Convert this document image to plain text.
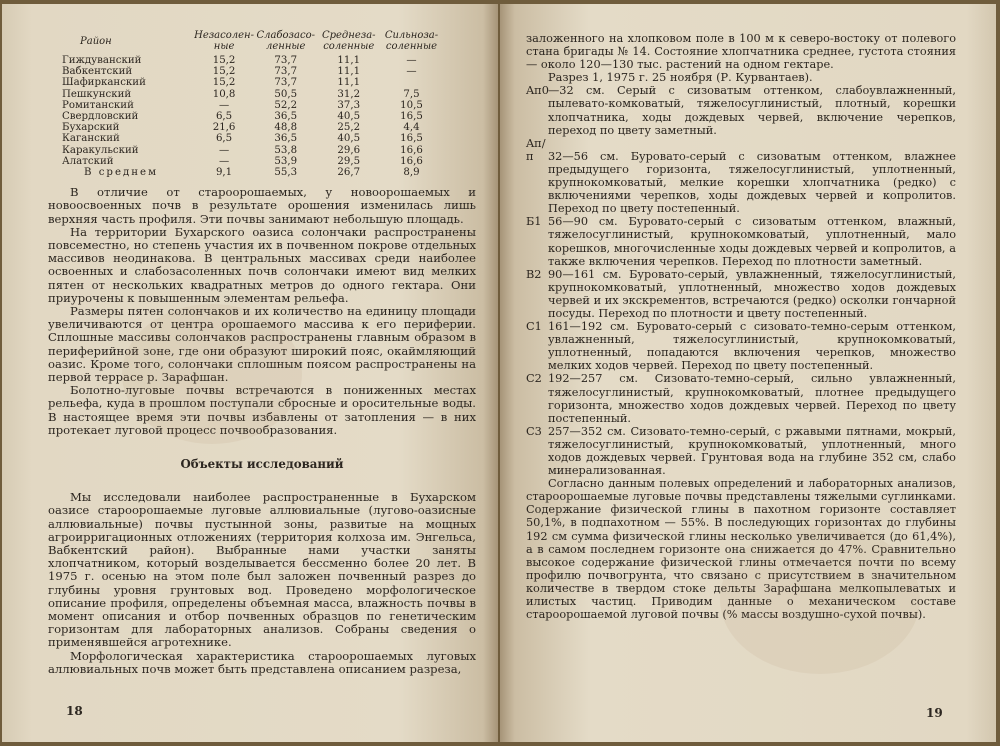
Район	Незасолен-ные	Слабозасо-ленные	Среднеза-соленные	Сильноза-соленные
Гиждуванский	15,2	73,7	11,1	—
Вабкентский	15,2	73,7	11,1	—
Шафирканский	15,2	73,7	11,1	
Пешкунский	10,8	50,5	31,2	7,5
Ромитанский	—	52,2	37,3	10,5
Свердловский	6,5	36,5	40,5	16,5
Бухарский	21,6	48,8	25,2	4,4
Каганский	6,5	36,5	40,5	16,5
Каракульский	—	53,8	29,6	16,6
Алатский	—	53,9	29,5	16,6
В среднем	9,1	55,3	26,7	8,9

В отличие от староорошаемых, у новоорошаемых и новоосвоенных почв в результате орошения изменилась лишь верхняя часть профиля. Эти почвы занимают небольшую площадь.

На территории Бухарского оазиса солончаки распространены повсеместно, но степень участия их в почвенном покрове отдельных массивов неодинакова. В центральных массивах среди наиболее освоенных и слабозасоленных почв солончаки имеют вид мелких пятен от нескольких квадратных метров до одного гектара. Они приурочены к повышенным элементам рельефа.

Размеры пятен солончаков и их количество на единицу площади увеличиваются от центра орошаемого массива к его периферии. Сплошные массивы солончаков распространены главным образом в периферийной зоне, где они образуют широкий пояс, окаймляющий оазис. Кроме того, солончаки сплошным поясом распространены на первой террасе р. Зарафшан.

Болотно-луговые почвы встречаются в пониженных местах рельефа, куда в прошлом поступали сбросные и оросительные воды. В настоящее время эти почвы избавлены от затопления — в них протекает луговой процесс почвообразования.

Объекты исследований

Мы исследовали наиболее распространенные в Бухарском оазисе староорошаемые луговые аллювиальные (лугово-оазисные аллювиальные) почвы пустынной зоны, развитые на мощных агроирригационных отложениях (территория колхоза им. Энгельса, Вабкентский район). Выбранные нами участки заняты хлопчатником, который возделывается бессменно более 20 лет. В 1975 г. осенью на этом поле был заложен почвенный разрез до глубины уровня грунтовых вод. Проведено морфологическое описание профиля, определены объемная масса, влажность почвы в момент описания и отбор почвенных образцов по генетическим горизонтам для лабораторных анализов. Собраны сведения о применявшейся агротехнике.

Морфологическая характеристика староорошаемых луговых аллювиальных почв может быть представлена описанием разреза,

18

заложенного на хлопковом поле в 100 м к северо-востоку от полевого стана бригады № 14. Состояние хлопчатника среднее, густота стояния — около 120—130 тыс. растений на одном гектаре.

Разрез 1, 1975 г. 25 ноября (Р. Курвантаев).

Aп0—32 см. Серый с сизоватым оттенком, слабоувлажненный, пылевато-комковатый, тяжелосуглинистый, плотный, корешки хлопчатника, ходы дождевых червей, включение черепков, переход по цвету заметный.

Aп/п 32—56 см. Буровато-серый с сизоватым оттенком, влажнее предыдущего горизонта, тяжелосуглинистый, уплотненный, крупнокомковатый, мелкие корешки хлопчатника (редко) с включениями черепков, ходы дождевых червей и копролитов. Переход по цвету постепенный.

Б1 56—90 см. Буровато-серый с сизоватым оттенком, влажный, тяжелосуглинистый, крупнокомковатый, уплотненный, мало корешков, многочисленные ходы дождевых червей и копролитов, а также включения черепков. Переход по плотности заметный.

В2 90—161 см. Буровато-серый, увлажненный, тяжелосуглинистый, крупнокомковатый, уплотненный, множество ходов дождевых червей и их экскрементов, встречаются (редко) осколки гончарной посуды. Переход по плотности и цвету постепенный.

С1 161—192 см. Буровато-серый с сизовато-темно-серым оттенком, увлажненный, тяжелосуглинистый, крупнокомковатый, уплотненный, попадаются включения черепков, множество мелких ходов червей. Переход по цвету постепенный.

С2 192—257 см. Сизовато-темно-серый, сильно увлажненный, тяжелосуглинистый, крупнокомковатый, плотнее предыдущего горизонта, множество ходов дождевых червей. Переход по цвету постепенный.

С3 257—352 см. Сизовато-темно-серый, с ржавыми пятнами, мокрый, тяжелосуглинистый, крупнокомковатый, уплотненный, много ходов дождевых червей. Грунтовая вода на глубине 352 см, слабо минерализованная.

Согласно данным полевых определений и лабораторных анализов, староорошаемые луговые почвы представлены тяжелыми суглинками. Содержание физической глины в пахотном горизонте составляет 50,1%, в подпахотном — 55%. В последующих горизонтах до глубины 192 см сумма физической глины несколько увеличивается (до 61,4%), а в самом последнем горизонте она снижается до 47%. Сравнительно высокое содержание физической глины отмечается почти по всему профилю почвогрунта, что связано с присутствием в значительном количестве в твердом стоке дельты Зарафшана мелкопылеватых и илистых частиц. Приводим данные о механическом составе староорошаемой луговой почвы (% массы воздушно-сухой почвы).

19
